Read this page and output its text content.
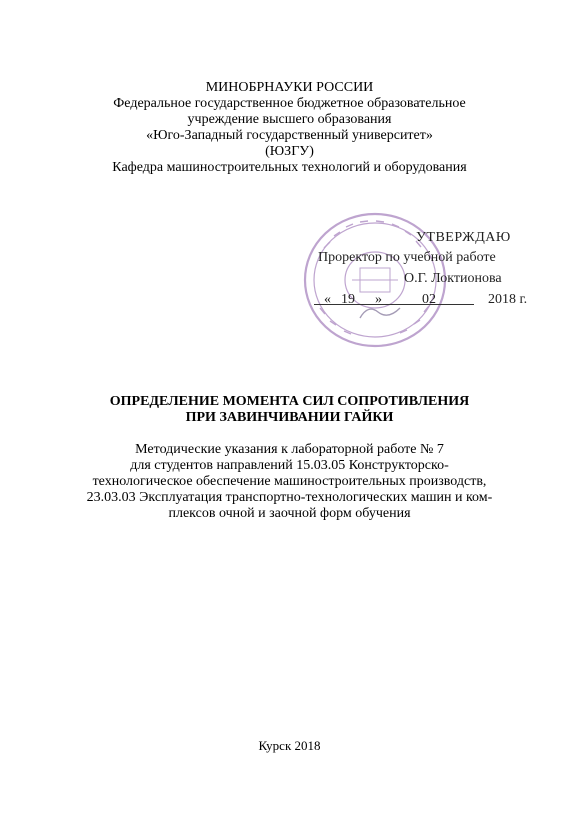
МИНОБРНАУКИ РОССИИ
Федеральное государственное бюджетное образовательное
учреждение высшего образования
«Юго-Западный государственный университет»
(ЮЗГУ)
Кафедра машиностроительных технологий и оборудования
УТВЕРЖДАЮ
Проректор по учебной работе
О.Г. Локтионова
« 19 »	02	2018 г.
ОПРЕДЕЛЕНИЕ МОМЕНТА СИЛ СОПРОТИВЛЕНИЯ
ПРИ ЗАВИНЧИВАНИИ ГАЙКИ
Методические указания к лабораторной работе № 7
для студентов направлений 15.03.05 Конструкторско-
технологическое обеспечение машиностроительных производств,
23.03.03 Эксплуатация транспортно-технологических машин и ком-
плексов очной и заочной форм обучения
Курск 2018
